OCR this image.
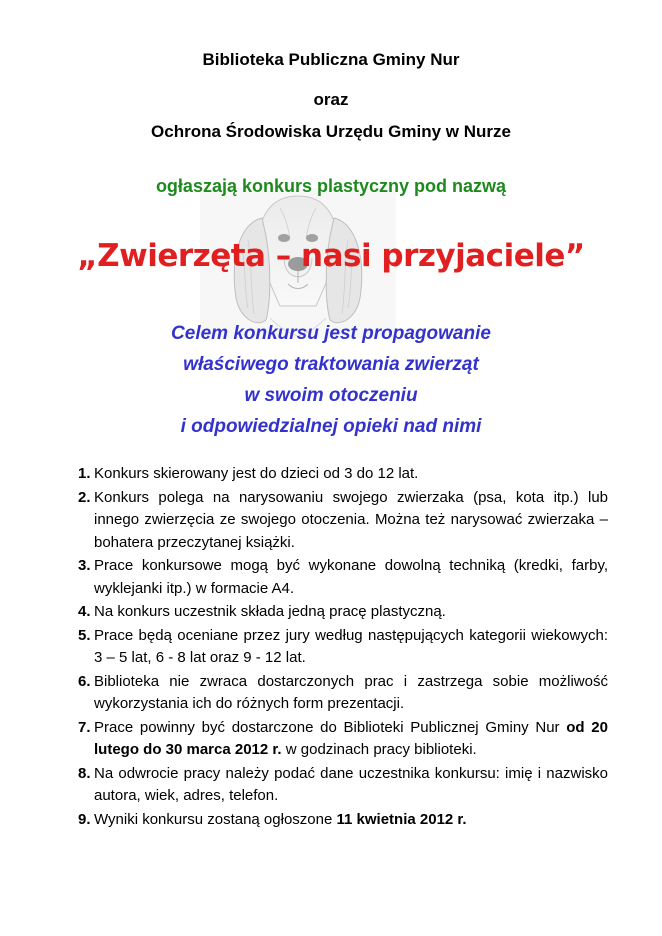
Biblioteka Publiczna Gminy Nur
oraz
Ochrona Środowiska Urzędu Gminy w Nurze
ogłaszają konkurs plastyczny pod nazwą
„Zwierzęta – nasi przyjaciele”
Celem konkursu jest propagowanie
właściwego traktowania zwierząt
w swoim otoczeniu
i odpowiedzialnej opieki nad nimi
1. Konkurs skierowany jest do dzieci od 3 do 12 lat.
2. Konkurs polega na narysowaniu swojego zwierzaka (psa, kota itp.) lub innego zwierzęcia ze swojego otoczenia. Można też narysować zwierzaka – bohatera przeczytanej książki.
3. Prace konkursowe mogą być wykonane dowolną techniką (kredki, farby, wyklejanki itp.) w formacie A4.
4. Na konkurs uczestnik składa jedną pracę plastyczną.
5. Prace będą oceniane przez jury według następujących kategorii wiekowych: 3 – 5 lat, 6 - 8 lat oraz 9 - 12 lat.
6. Biblioteka nie zwraca dostarczonych prac i zastrzega sobie możliwość wykorzystania ich do różnych form prezentacji.
7. Prace powinny być dostarczone do Biblioteki Publicznej Gminy Nur od 20 lutego do 30 marca 2012 r. w godzinach pracy biblioteki.
8. Na odwrocie pracy należy podać dane uczestnika konkursu: imię i nazwisko autora, wiek, adres, telefon.
9. Wyniki konkursu zostaną ogłoszone 11 kwietnia 2012 r.
